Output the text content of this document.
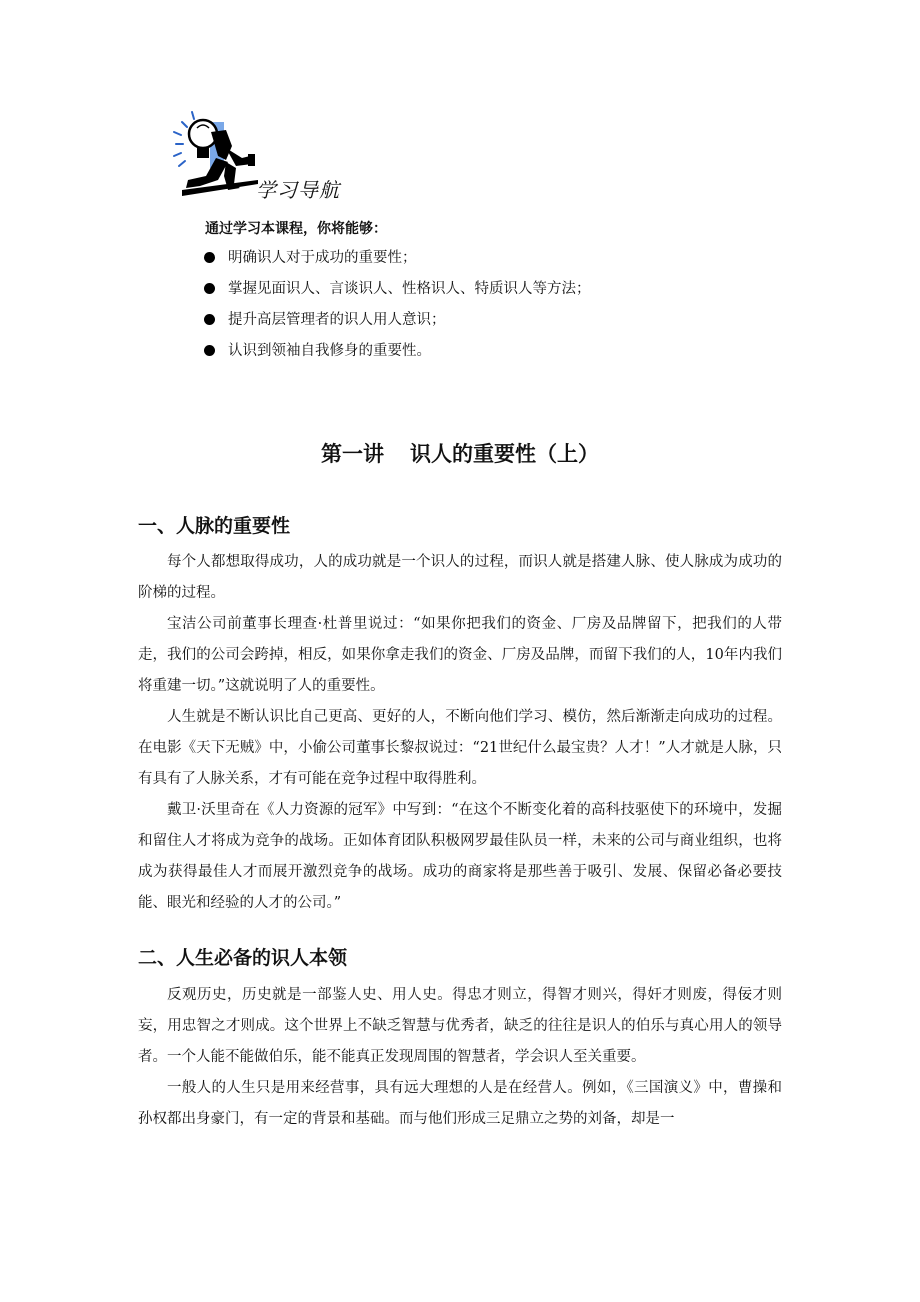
学习导航
通过学习本课程，你将能够：
明确识人对于成功的重要性；
掌握见面识人、言谈识人、性格识人、特质识人等方法；
提升高层管理者的识人用人意识；
认识到领袖自我修身的重要性。
第一讲 识人的重要性（上）
一、人脉的重要性

每个人都想取得成功，人的成功就是一个识人的过程，而识人就是搭建人脉、使人脉成为成功的阶梯的过程。

宝洁公司前董事长理查·杜普里说过：“如果你把我们的资金、厂房及品牌留下，把我们的人带走，我们的公司会跨掉，相反，如果你拿走我们的资金、厂房及品牌，而留下我们的人，10年内我们将重建一切。”这就说明了人的重要性。

人生就是不断认识比自己更高、更好的人，不断向他们学习、模仿，然后渐渐走向成功的过程。在电影《天下无贼》中，小偷公司董事长黎叔说过：“21世纪什么最宝贵？人才！”人才就是人脉，只有具有了人脉关系，才有可能在竞争过程中取得胜利。

戴卫·沃里奇在《人力资源的冠军》中写到：“在这个不断变化着的高科技驱使下的环境中，发掘和留住人才将成为竞争的战场。正如体育团队积极网罗最佳队员一样，未来的公司与商业组织，也将成为获得最佳人才而展开激烈竞争的战场。成功的商家将是那些善于吸引、发展、保留必备必要技能、眼光和经验的人才的公司。”

二、人生必备的识人本领

反观历史，历史就是一部鉴人史、用人史。得忠才则立，得智才则兴，得奸才则废，得佞才则妄，用忠智之才则成。这个世界上不缺乏智慧与优秀者，缺乏的往往是识人的伯乐与真心用人的领导者。一个人能不能做伯乐，能不能真正发现周围的智慧者，学会识人至关重要。

一般人的人生只是用来经营事，具有远大理想的人是在经营人。例如，《三国演义》中，曹操和孙权都出身豪门，有一定的背景和基础。而与他们形成三足鼎立之势的刘备，却是一
